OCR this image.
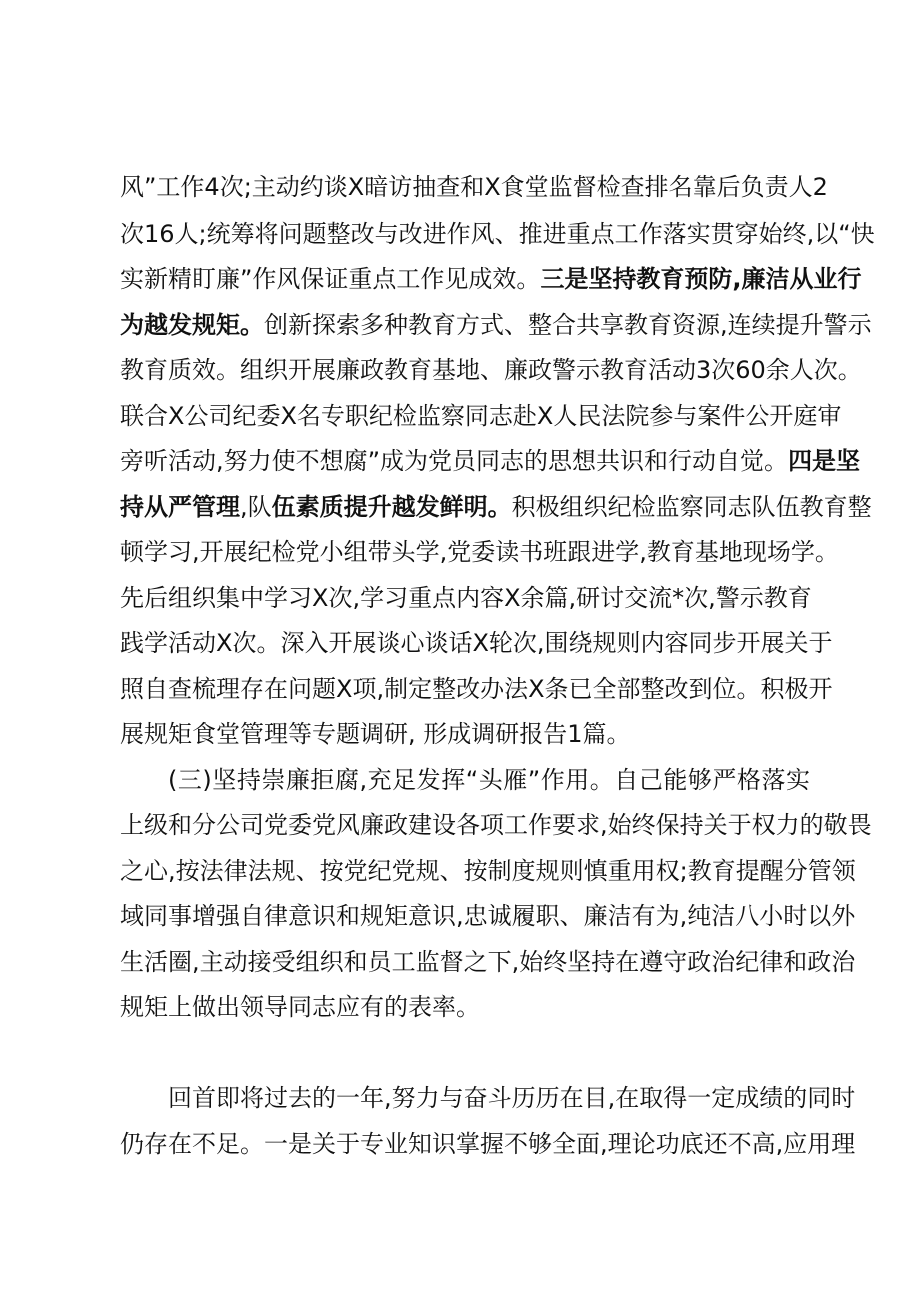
风”工作4次;主动约谈X暗访抽查和X食堂监督检查排名靠后负责人2
次16人;统筹将问题整改与改进作风、推进重点工作落实贯穿始终,以“快
实新精盯廉”作风保证重点工作见成效。三是坚持教育预防,廉洁从业行
为越发规矩。创新探索多种教育方式、整合共享教育资源,连续提升警示
教育质效。组织开展廉政教育基地、廉政警示教育活动3次60余人次。
联合X公司纪委X名专职纪检监察同志赴X人民法院参与案件公开庭审
旁听活动,努力使不想腐”成为党员同志的思想共识和行动自觉。四是坚
持从严管理,队伍素质提升越发鲜明。积极组织纪检监察同志队伍教育整
顿学习,开展纪检党小组带头学,党委读书班跟进学,教育基地现场学。
先后组织集中学习X次,学习重点内容X余篇,研讨交流*次,警示教育
践学活动X次。深入开展谈心谈话X轮次,围绕规则内容同步开展关于
照自查梳理存在问题X项,制定整改办法X条已全部整改到位。积极开
展规矩食堂管理等专题调研, 形成调研报告1篇。
(三)坚持崇廉拒腐,充足发挥“头雁”作用。自己能够严格落实
上级和分公司党委党风廉政建设各项工作要求,始终保持关于权力的敬畏
之心,按法律法规、按党纪党规、按制度规则慎重用权;教育提醒分管领
域同事增强自律意识和规矩意识,忠诚履职、廉洁有为,纯洁八小时以外
生活圈,主动接受组织和员工监督之下,始终坚持在遵守政治纪律和政治
规矩上做出领导同志应有的表率。
回首即将过去的一年,努力与奋斗历历在目,在取得一定成绩的同时
仍存在不足。一是关于专业知识掌握不够全面,理论功底还不高,应用理
